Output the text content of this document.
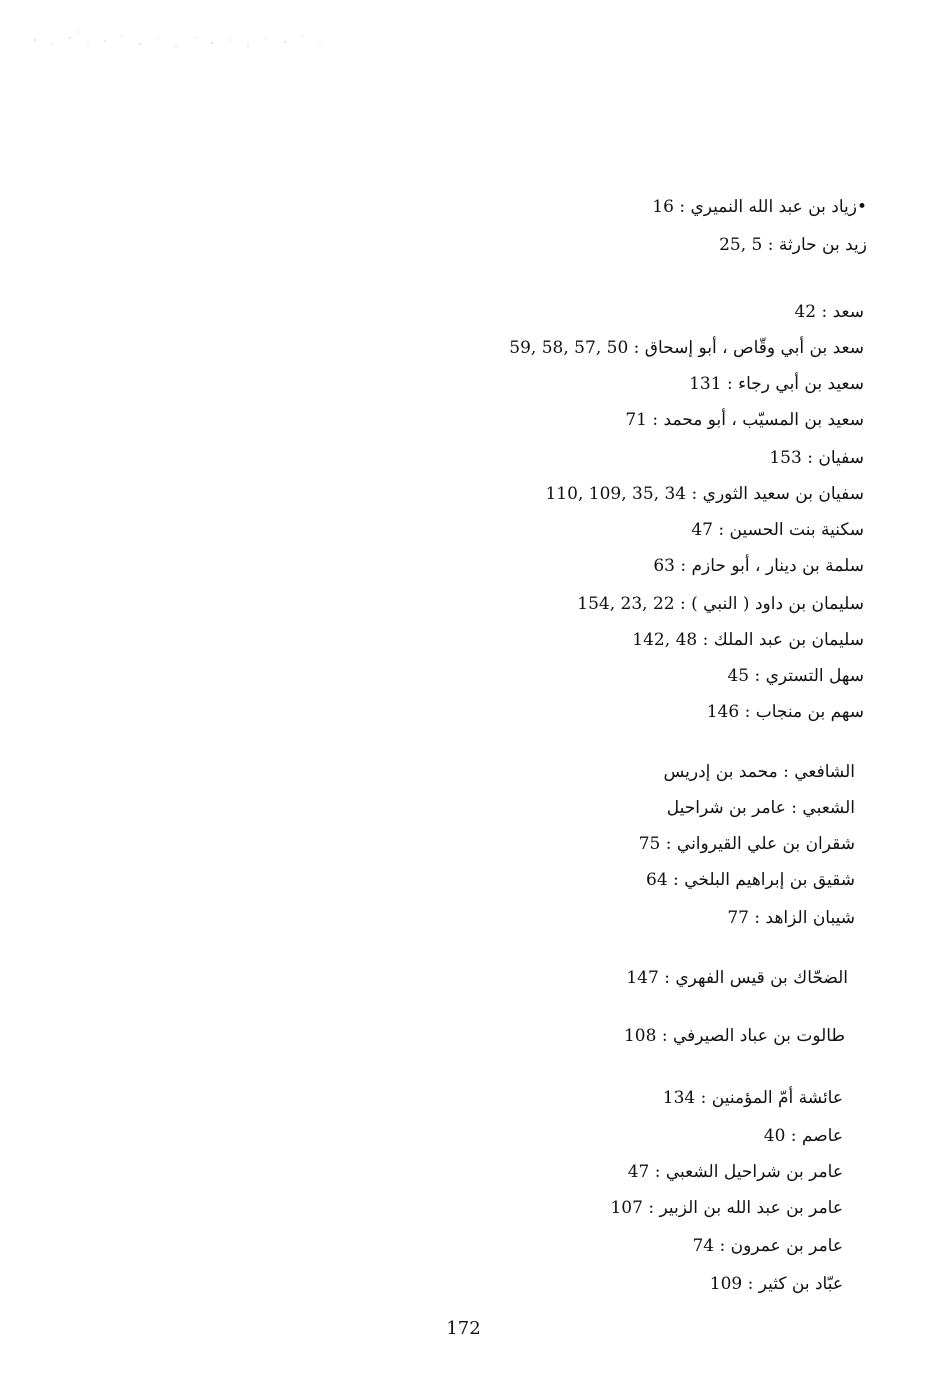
•زياد بن عبد الله النميري : 16
زيد بن حارثة : 5 ,25
سعد : 42
سعد بن أبي وقّاص ، أبو إسحاق : 50 ,57 ,58 ,59
سعيد بن أبي رجاء : 131
سعيد بن المسيّب ، أبو محمد : 71
سفيان : 153
سفيان بن سعيد الثوري : 34 ,35 ,109 ,110
سكنية بنت الحسين : 47
سلمة بن دينار ، أبو حازم : 63
سليمان بن داود ( النبي ) : 22 ,23 ,154
سليمان بن عبد الملك : 48 ,142
سهل التستري : 45
سهم بن منجاب : 146
الشافعي : محمد بن إدريس
الشعبي : عامر بن شراحيل
شقران بن علي القيرواني : 75
شقيق بن إبراهيم البلخي : 64
شيبان الزاهد : 77
الضحّاك بن قيس الفهري : 147
طالوت بن عباد الصيرفي : 108
عائشة أمّ المؤمنين : 134
عاصم : 40
عامر بن شراحيل الشعبي : 47
عامر بن عبد الله بن الزبير : 107
عامر بن عمرون : 74
عبّاد بن كثير : 109
172
